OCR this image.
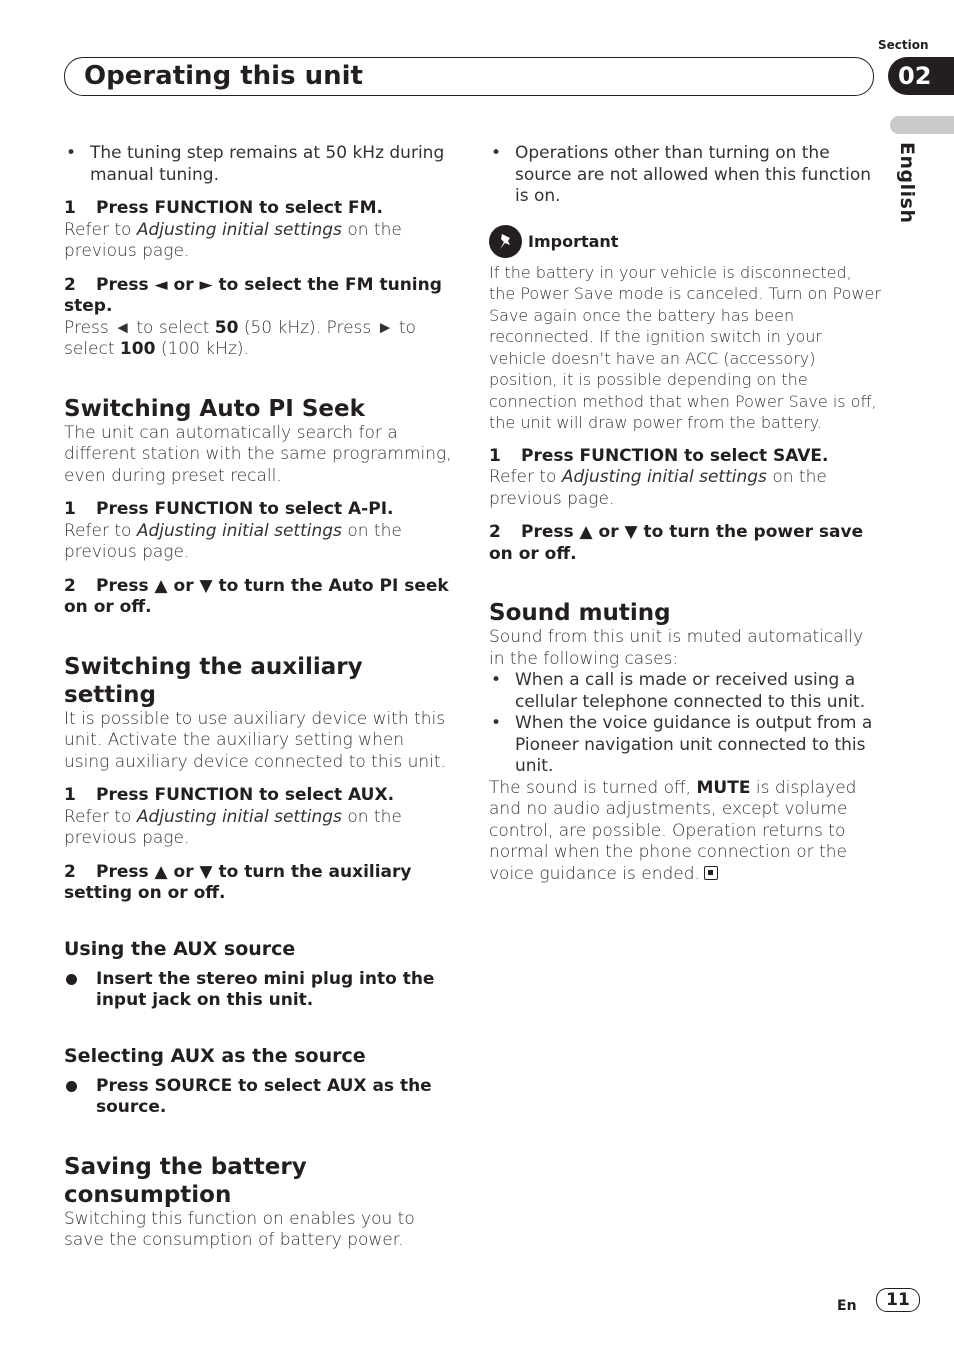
Section
Operating this unit	02
English
• The tuning step remains at 50 kHz during manual tuning.
1 Press FUNCTION to select FM.

Refer to Adjusting initial settings on the previous page.

2 Press ◄ or ► to select the FM tuning step.

Press ◄ to select 50 (50 kHz). Press ► to select 100 (100 kHz).

Switching Auto PI Seek

The unit can automatically search for a different station with the same programming, even during preset recall.

1 Press FUNCTION to select A-PI.

Refer to Adjusting initial settings on the previous page.

2 Press ▲ or ▼ to turn the Auto PI seek on or off.
Switching the auxiliary setting

It is possible to use auxiliary device with this unit. Activate the auxiliary setting when using auxiliary device connected to this unit.

1 Press FUNCTION to select AUX.

Refer to Adjusting initial settings on the previous page.

2 Press ▲ or ▼ to turn the auxiliary setting on or off.
Using the AUX source
Insert the stereo mini plug into the input jack on this unit.
Selecting AUX as the source
Press SOURCE to select AUX as the source.
Saving the battery consumption

Switching this function on enables you to save the consumption of battery power.

• Operations other than turning on the source are not allowed when this function is on.
Important

If the battery in your vehicle is disconnected, the Power Save mode is canceled. Turn on Power Save again once the battery has been reconnected. If the ignition switch in your vehicle doesn’t have an ACC (accessory) position, it is possible depending on the connection method that when Power Save is off, the unit will draw power from the battery.

1 Press FUNCTION to select SAVE.

Refer to Adjusting initial settings on the previous page.

2 Press ▲ or ▼ to turn the power save on or off.
Sound muting

Sound from this unit is muted automatically in the following cases:

• When a call is made or received using a cellular telephone connected to this unit.
• When the voice guidance is output from a Pioneer navigation unit connected to this unit.

The sound is turned off, MUTE is displayed and no audio adjustments, except volume control, are possible. Operation returns to normal when the phone connection or the voice guidance is ended.

En	11
